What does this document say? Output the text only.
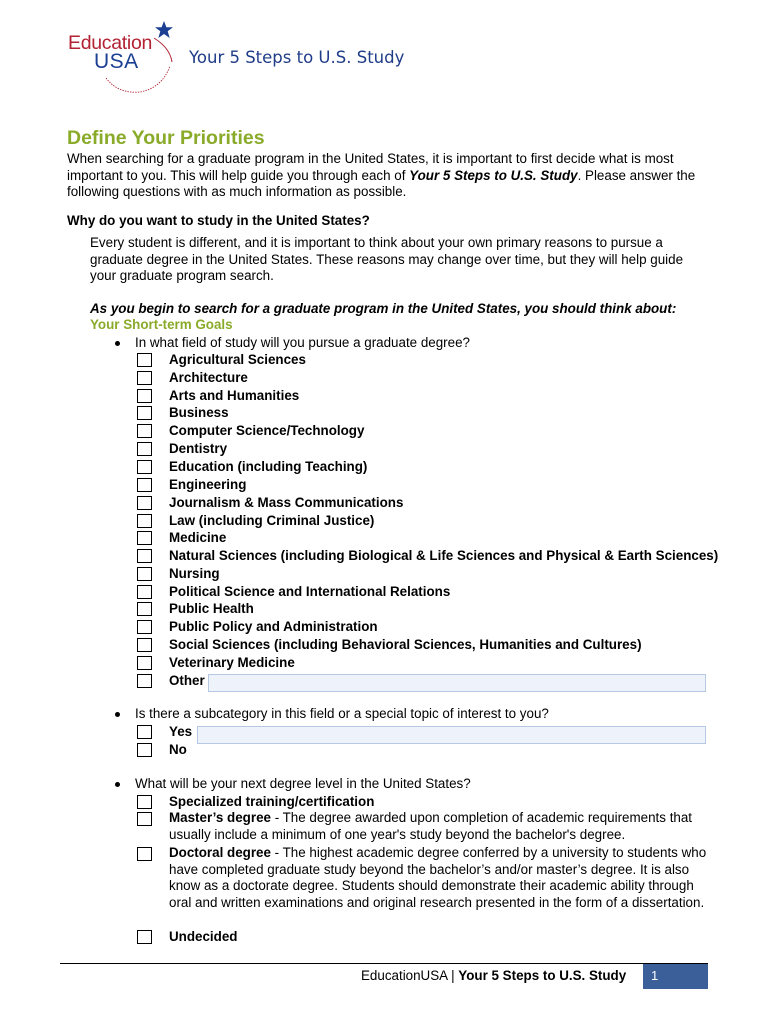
Education
USA	Your 5 Steps to U.S. Study
Define Your Priorities
When searching for a graduate program in the United States, it is important to first decide what is most important to you. This will help guide you through each of Your 5 Steps to U.S. Study. Please answer the following questions with as much information as possible.
Why do you want to study in the United States?
Every student is different, and it is important to think about your own primary reasons to pursue a graduate degree in the United States. These reasons may change over time, but they will help guide your graduate program search.
As you begin to search for a graduate program in the United States, you should think about:
Your Short-term Goals
In what field of study will you pursue a graduate degree?
Agricultural Sciences
Architecture
Arts and Humanities
Business
Computer Science/Technology
Dentistry
Education (including Teaching)
Engineering
Journalism & Mass Communications
Law (including Criminal Justice)
Medicine
Natural Sciences (including Biological & Life Sciences and Physical & Earth Sciences)
Nursing
Political Science and International Relations
Public Health
Public Policy and Administration
Social Sciences (including Behavioral Sciences, Humanities and Cultures)
Veterinary Medicine
Other
Is there a subcategory in this field or a special topic of interest to you?
Yes
No
What will be your next degree level in the United States?
Specialized training/certification
Master’s degree - The degree awarded upon completion of academic requirements that usually include a minimum of one year's study beyond the bachelor's degree.
Doctoral degree - The highest academic degree conferred by a university to students who have completed graduate study beyond the bachelor’s and/or master’s degree. It is also know as a doctorate degree. Students should demonstrate their academic ability through oral and written examinations and original research presented in the form of a dissertation.
Undecided
EducationUSA | Your 5 Steps to U.S. Study 1
